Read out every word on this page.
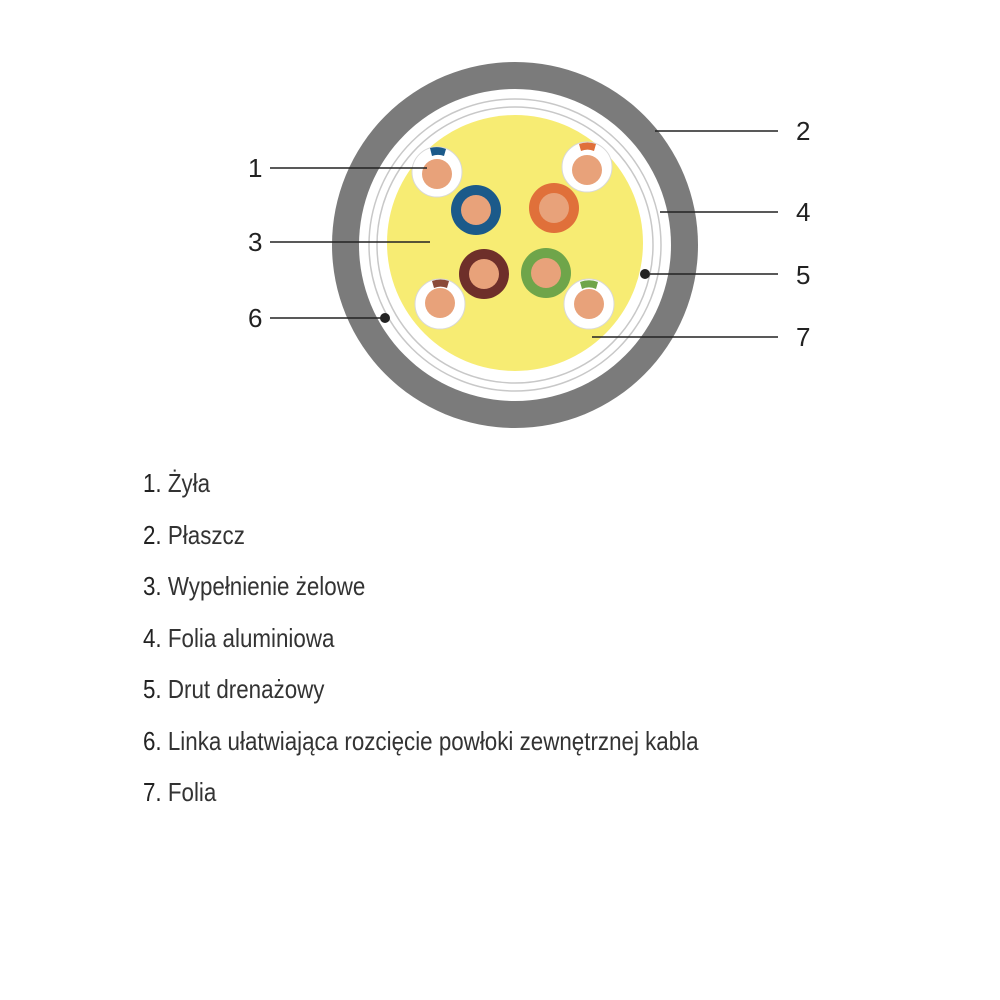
1
2
3
4
5
6
7
1. Żyła
2. Płaszcz
3. Wypełnienie żelowe
4. Folia aluminiowa
5. Drut drenażowy
6. Linka ułatwiająca rozcięcie powłoki zewnętrznej kabla
7. Folia
